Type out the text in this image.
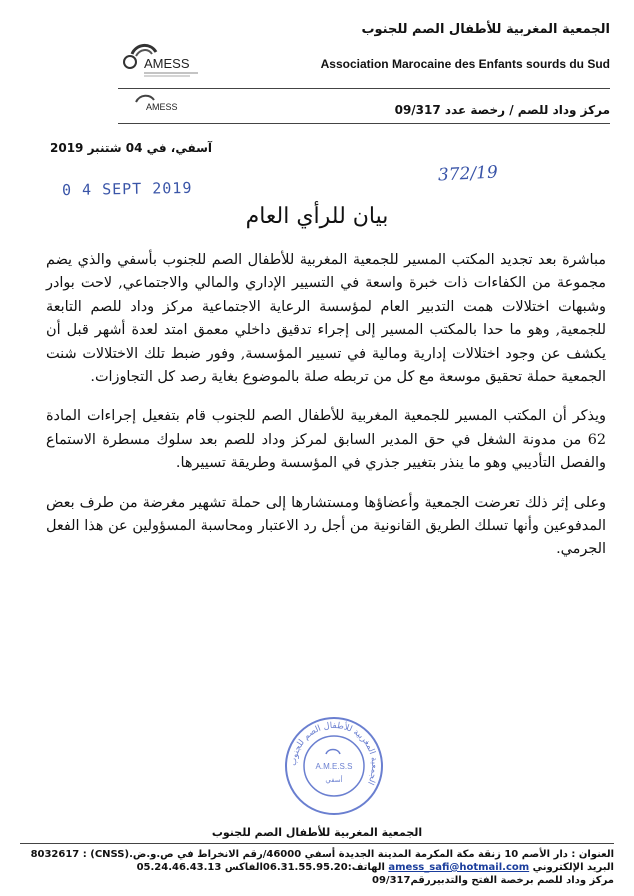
الجمعية المغربية للأطفال الصم للجنوب
Association Marocaine des Enfants sourds du Sud
AMESS
AMESS	مركز وداد للصم / رخصة عدد 09/317
آسفي، في 04 شتنبر 2019
0 4 SEPT 2019
372/19
بيان للرأي العام

مباشرة بعد تجديد المكتب المسير للجمعية المغربية للأطفال الصم للجنوب بأسفي والذي يضم مجموعة من الكفاءات ذات خبرة واسعة في التسيير الإداري والمالي والاجتماعي, لاحت بوادر وشبهات اختلالات همت التدبير العام لمؤسسة الرعاية الاجتماعية مركز وداد للصم التابعة للجمعية, وهو ما حدا بالمكتب المسير إلى إجراء تدقيق داخلي معمق امتد لعدة أشهر قبل أن يكشف عن وجود اختلالات إدارية ومالية في تسيير المؤسسة, وفور ضبط تلك الاختلالات شنت الجمعية حملة تحقيق موسعة مع كل من تربطه صلة بالموضوع بغاية رصد كل التجاوزات.

ويذكر أن المكتب المسير للجمعية المغربية للأطفال الصم للجنوب قام بتفعيل إجراءات المادة 62 من مدونة الشغل في حق المدير السابق لمركز وداد للصم بعد سلوك مسطرة الاستماع والفصل التأديبي وهو ما ينذر بتغيير جذري في المؤسسة وطريقة تسييرها.

وعلى إثر ذلك تعرضت الجمعية وأعضاؤها ومستشارها إلى حملة تشهير مغرضة من طرف بعض المدفوعين وأنها تسلك الطريق القانونية من أجل رد الاعتبار ومحاسبة المسؤولين عن هذا الفعل الجرمي.

الجمعية المغربية للأطفال الصم للجنوب
A.M.E.S.S
أسفي
الجمعية المغربية للأطفال الصم للجنوب
العنوان : دار الأصم 10 زنقة مكة المكرمة المدينة الجديدة أسفي 46000/رقم الانخراط في ص.و.ض.(CNSS) : 8032617
البريد الإلكتروني amess_safi@hotmail.com الهاتف:06.31.55.95.20الفاكس 05.24.46.43.13
مركز وداد للصم برخصة الفتح والتدبيررقم09/317
